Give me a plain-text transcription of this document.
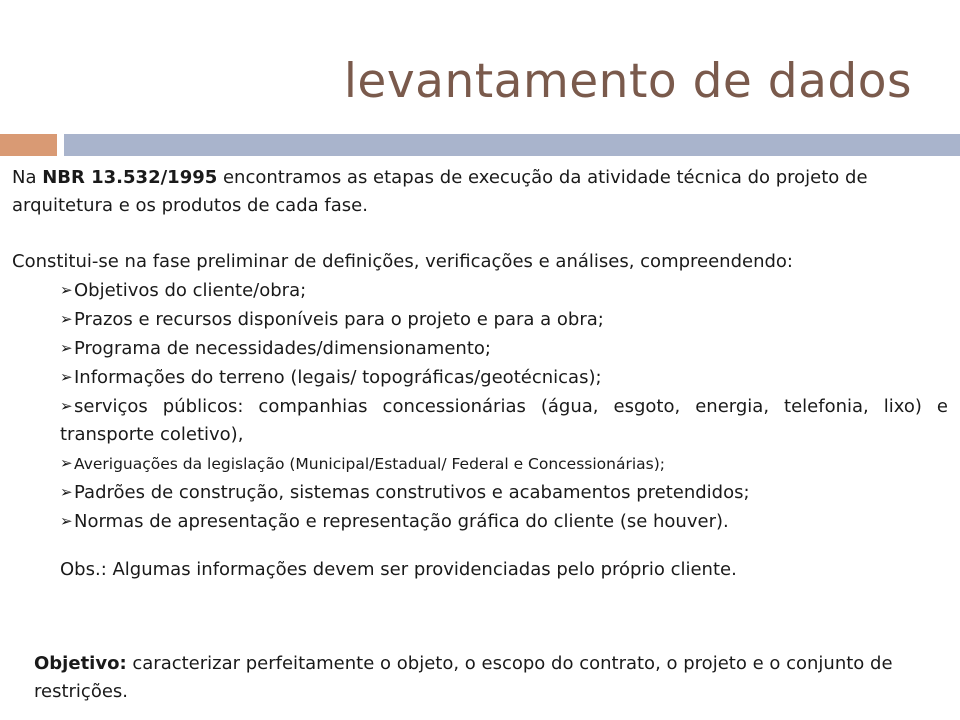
levantamento de dados

Na NBR 13.532/1995 encontramos as etapas de execução da atividade técnica do projeto de arquitetura e os produtos de cada fase.

Constitui-se na fase preliminar de definições, verificações e análises, compreendendo:

➢Objetivos do cliente/obra;
➢Prazos e recursos disponíveis para o projeto e para a obra;
➢Programa de necessidades/dimensionamento;
➢Informações do terreno (legais/ topográficas/geotécnicas);
➢serviços públicos: companhias concessionárias (água, esgoto, energia, telefonia, lixo) e transporte coletivo),
➢Averiguações da legislação (Municipal/Estadual/ Federal e Concessionárias);
➢Padrões de construção, sistemas construtivos e acabamentos pretendidos;
➢Normas de apresentação e representação gráfica do cliente (se houver).

Obs.: Algumas informações devem ser providenciadas pelo próprio cliente.

Objetivo: caracterizar perfeitamente o objeto, o escopo do contrato, o projeto e o conjunto de restrições.
